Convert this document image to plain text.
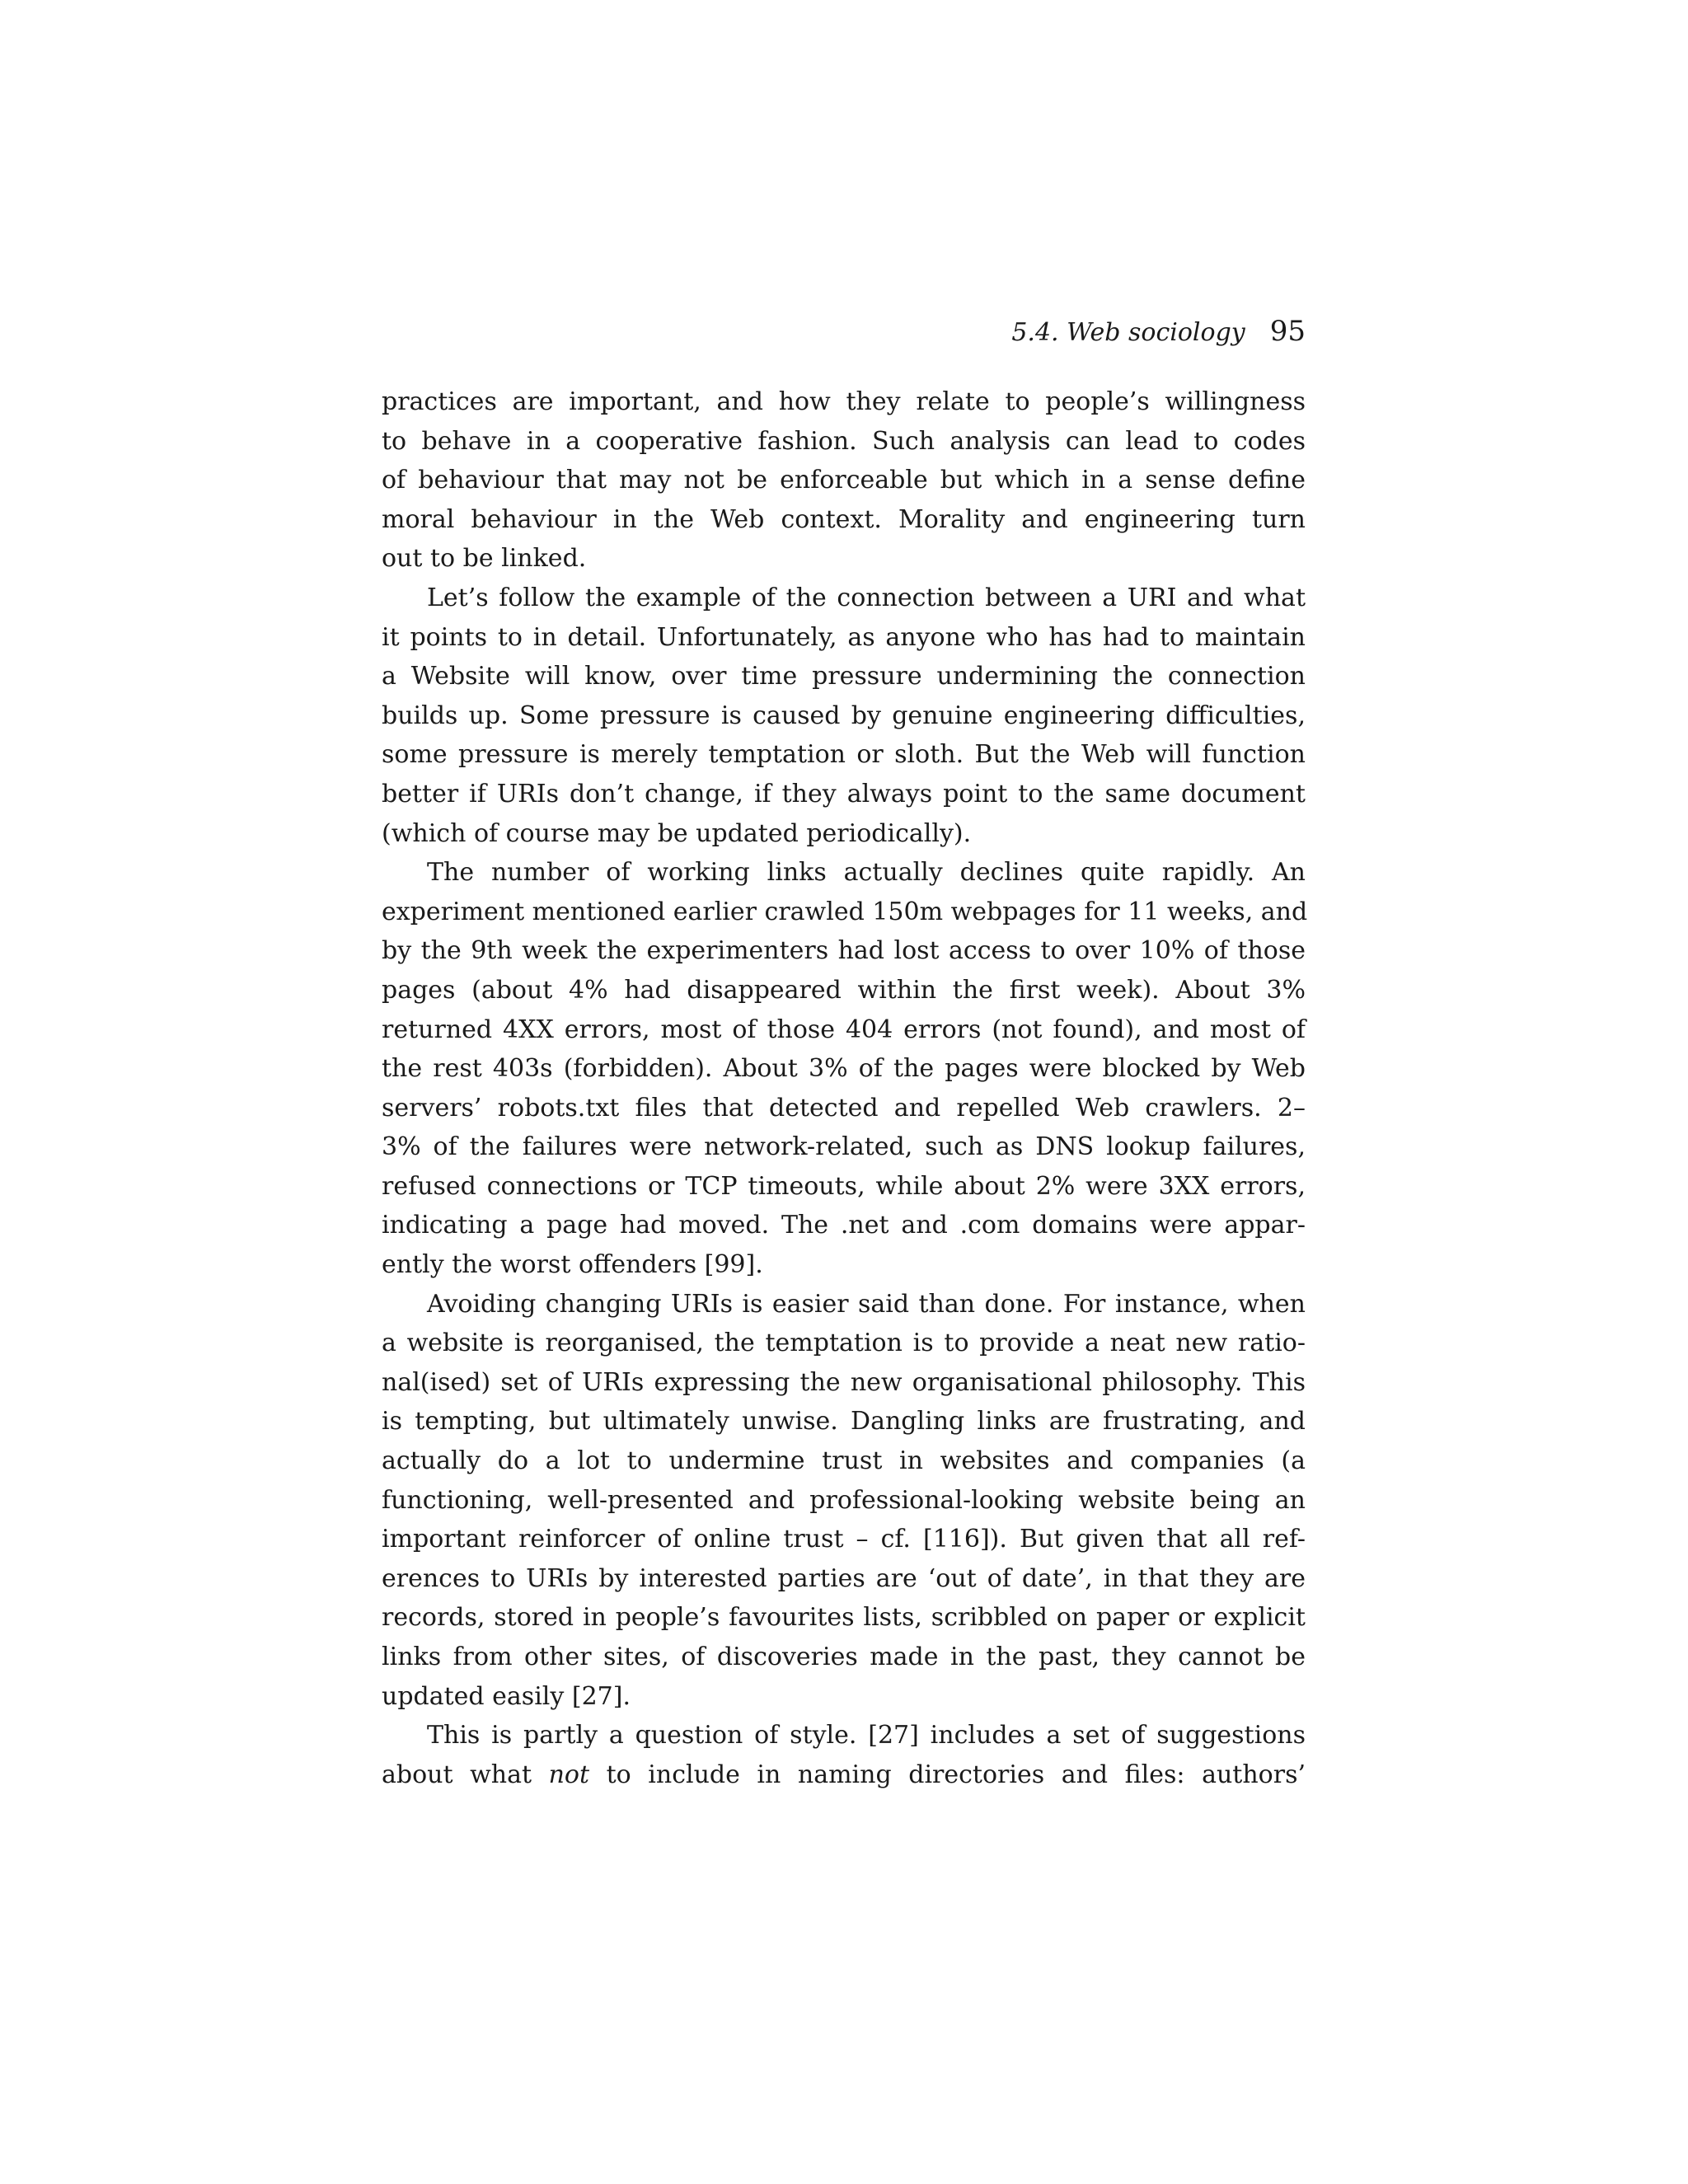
5.4. Web sociology 95
practices are important, and how they relate to people’s willingness
to behave in a cooperative fashion. Such analysis can lead to codes
of behaviour that may not be enforceable but which in a sense define
moral behaviour in the Web context. Morality and engineering turn
out to be linked.
Let’s follow the example of the connection between a URI and what
it points to in detail. Unfortunately, as anyone who has had to maintain
a Website will know, over time pressure undermining the connection
builds up. Some pressure is caused by genuine engineering difficulties,
some pressure is merely temptation or sloth. But the Web will function
better if URIs don’t change, if they always point to the same document
(which of course may be updated periodically).
The number of working links actually declines quite rapidly. An
experiment mentioned earlier crawled 150m webpages for 11 weeks, and
by the 9th week the experimenters had lost access to over 10% of those
pages (about 4% had disappeared within the first week). About 3%
returned 4XX errors, most of those 404 errors (not found), and most of
the rest 403s (forbidden). About 3% of the pages were blocked by Web
servers’ robots.txt files that detected and repelled Web crawlers. 2–
3% of the failures were network-related, such as DNS lookup failures,
refused connections or TCP timeouts, while about 2% were 3XX errors,
indicating a page had moved. The .net and .com domains were appar-
ently the worst offenders [99].
Avoiding changing URIs is easier said than done. For instance, when
a website is reorganised, the temptation is to provide a neat new ratio-
nal(ised) set of URIs expressing the new organisational philosophy. This
is tempting, but ultimately unwise. Dangling links are frustrating, and
actually do a lot to undermine trust in websites and companies (a
functioning, well-presented and professional-looking website being an
important reinforcer of online trust – cf. [116]). But given that all ref-
erences to URIs by interested parties are ‘out of date’, in that they are
records, stored in people’s favourites lists, scribbled on paper or explicit
links from other sites, of discoveries made in the past, they cannot be
updated easily [27].
This is partly a question of style. [27] includes a set of suggestions
about what not to include in naming directories and files: authors’
